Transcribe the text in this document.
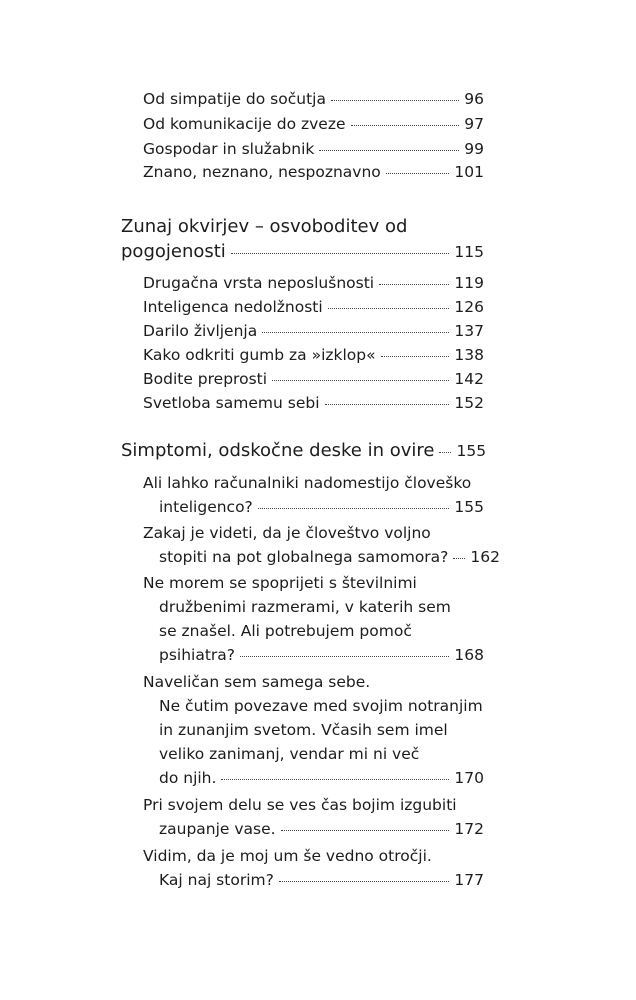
Od simpatije do sočutja	96
Od komunikacije do zveze	97
Gospodar in služabnik	99
Znano, neznano, nespoznavno	101
Zunaj okvirjev – osvoboditev od
pogojenosti	115
Drugačna vrsta neposlušnosti	119
Inteligenca nedolžnosti	126
Darilo življenja	137
Kako odkriti gumb za »izklop«	138
Bodite preprosti	142
Svetloba samemu sebi	152
Simptomi, odskočne deske in ovire 155
Ali lahko računalniki nadomestijo človeško
inteligenco?	155
Zakaj je videti, da je človeštvo voljno
stopiti na pot globalnega samomora? 162
Ne morem se spoprijeti s številnimi
družbenimi razmerami, v katerih sem
se znašel. Ali potrebujem pomoč
psihiatra?	168
Naveličan sem samega sebe.
Ne čutim povezave med svojim notranjim
in zunanjim svetom. Včasih sem imel
veliko zanimanj, vendar mi ni več
do njih.	170
Pri svojem delu se ves čas bojim izgubiti
zaupanje vase.	172
Vidim, da je moj um še vedno otročji.
Kaj naj storim?	177
